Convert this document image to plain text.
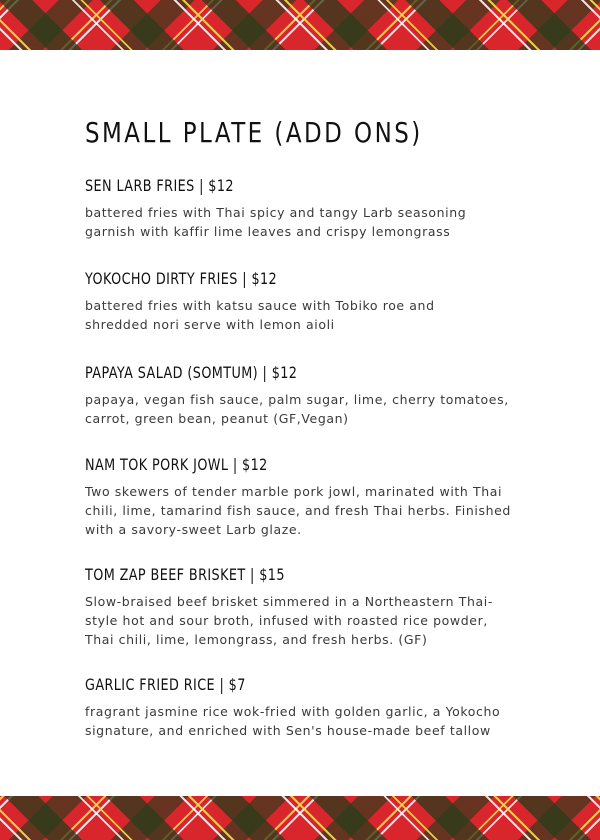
SMALL PLATE (ADD ONS)
SEN LARB FRIES | $12

battered fries with Thai spicy and tangy Larb seasoning
garnish with kaffir lime leaves and crispy lemongrass

YOKOCHO DIRTY FRIES | $12

battered fries with katsu sauce with Tobiko roe and
shredded nori serve with lemon aioli

PAPAYA SALAD (SOMTUM) | $12

papaya, vegan fish sauce, palm sugar, lime, cherry tomatoes,
carrot, green bean, peanut (GF,Vegan)

NAM TOK PORK JOWL | $12

Two skewers of tender marble pork jowl, marinated with Thai
chili, lime, tamarind fish sauce, and fresh Thai herbs. Finished
with a savory-sweet Larb glaze.

TOM ZAP BEEF BRISKET | $15

Slow-braised beef brisket simmered in a Northeastern Thai-
style hot and sour broth, infused with roasted rice powder,
Thai chili, lime, lemongrass, and fresh herbs. (GF)

GARLIC FRIED RICE | $7

fragrant jasmine rice wok-fried with golden garlic, a Yokocho
signature, and enriched with Sen's house-made beef tallow
